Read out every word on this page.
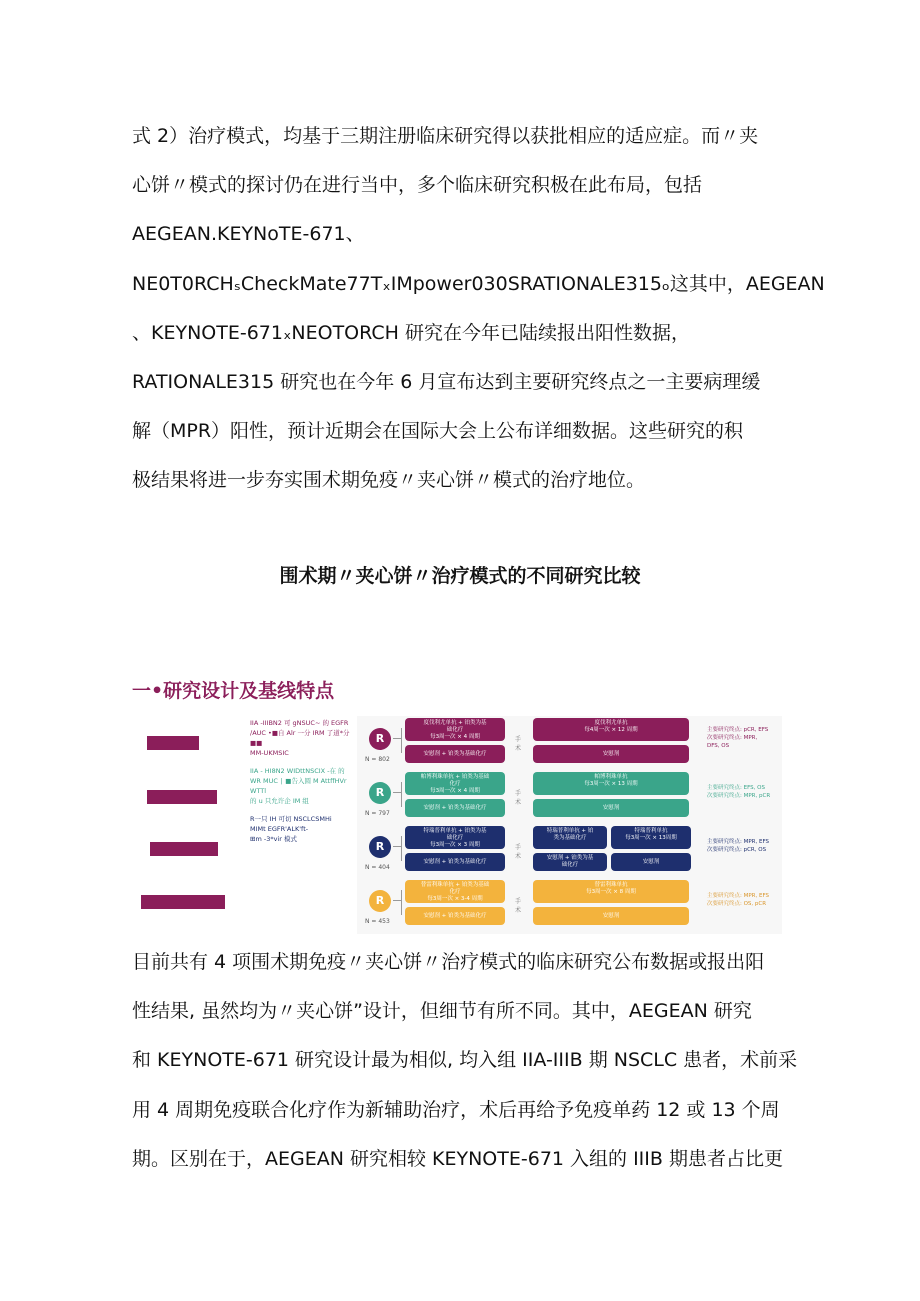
式 2）治疗模式，均基于三期注册临床研究得以获批相应的适应症。而〃夹
心饼〃模式的探讨仍在进行当中，多个临床研究积极在此布局，包括
AEGEAN.KEYNoTE-671、
NE0T0RCHₛCheckMate77TₓIMpower030SRATIONALE315ₒ这其中，AEGEAN
、KEYNOTE-671ₓNEOTORCH 研究在今年已陆续报出阳性数据，
RATIONALE315 研究也在今年 6 月宣布达到主要研究终点之一主要病理缓
解（MPR）阳性，预计近期会在国际大会上公布详细数据。这些研究的积
极结果将进一步夯实围术期免疫〃夹心饼〃模式的治疗地位。
围术期〃夹心饼〃治疗模式的不同研究比较
一•研究设计及基线特点
IIA -IIIBN2 可 gNSUC~ 的 EGFR
∕AUC •■自 Alr 一分 IRM 了道*分
■■
MM-UKMSIC
IIA - HI8N2 WIDttNSCIX -在 的
WR MUC ∣ ■告入圆 M AttffHVr
WTTl
的 u 只允许企 IM 组
R一只 IH 可切 NSCLCSMHi
MIMt EGFR'ALK'ft-
⊞m -3*vir 模式
R
N = 802
度伐利尤单抗 + 铂类为基
础化疗
每3周一次 × 4 周期
安慰剂 + 铂类为基础化疗
手术
度伐利尤单抗
每4周一次 × 12 周期
安慰剂
主要研究终点: pCR, EFS
次要研究终点: MPR,
DFS, OS
R
N = 797
帕博利珠单抗 + 铂类为基础
化疗
每3周一次 × 4 周期
安慰剂 + 铂类为基础化疗
手术
帕博利珠单抗
每3周一次 × 13 周期
安慰剂
主要研究终点: EFS, OS
次要研究终点: MPR, pCR
R
N = 404
特瑞普利单抗 + 铂类为基
础化疗
每3周一次 × 3 周期
安慰剂 + 铂类为基础化疗
手术
特瑞普利单抗 + 铂
类为基础化疗
安慰剂 + 铂类为基
础化疗
特瑞普利单抗
每3周一次 × 13周期
安慰剂
主要研究终点: MPR, EFS
次要研究终点: pCR, OS
R
N = 453
替雷利珠单抗 + 铂类为基础
化疗
每3周一次 × 3-4 周期
安慰剂 + 铂类为基础化疗
手术
替雷利珠单抗
每3周一次 × 8 周期
安慰剂
主要研究终点: MPR, EFS
次要研究终点: OS, pCR
目前共有 4 项围术期免疫〃夹心饼〃治疗模式的临床研究公布数据或报出阳
性结果, 虽然均为〃夹心饼”设计，但细节有所不同。其中，AEGEAN 研究
和 KEYNOTE-671 研究设计最为相似, 均入组 IIA-IIIB 期 NSCLC 患者，术前采
用 4 周期免疫联合化疗作为新辅助治疗，术后再给予免疫单药 12 或 13 个周
期。区别在于，AEGEAN 研究相较 KEYNOTE-671 入组的 IIIB 期患者占比更
